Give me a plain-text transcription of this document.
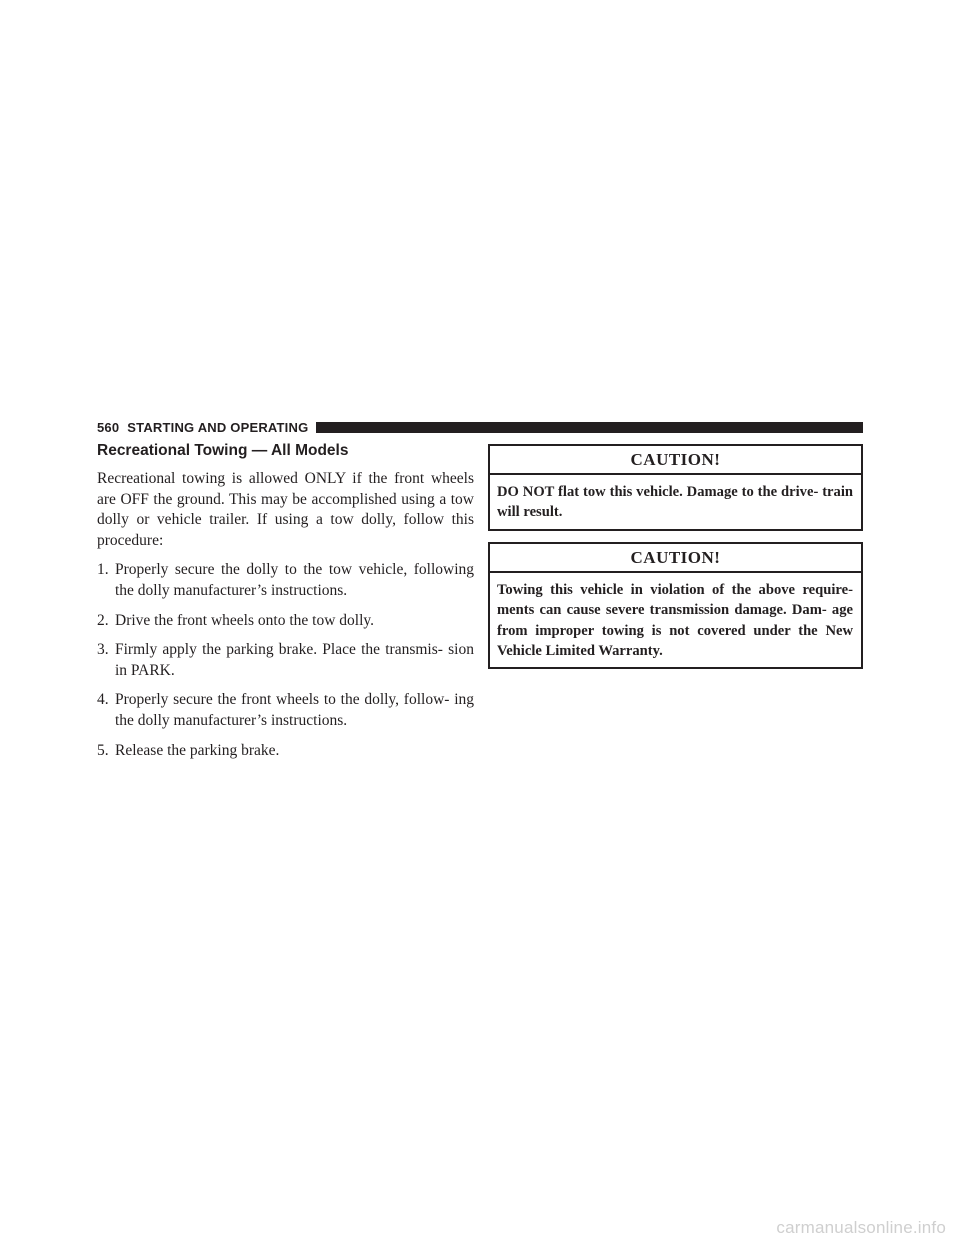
560 STARTING AND OPERATING
Recreational Towing — All Models

Recreational towing is allowed ONLY if the front wheels are OFF the ground. This may be accomplished using a tow dolly or vehicle trailer. If using a tow dolly, follow this procedure:

1. Properly secure the dolly to the tow vehicle, following the dolly manufacturer’s instructions.
2. Drive the front wheels onto the tow dolly.
3. Firmly apply the parking brake. Place the transmis- sion in PARK.
4. Properly secure the front wheels to the dolly, follow- ing the dolly manufacturer’s instructions.
5. Release the parking brake.
CAUTION!
DO NOT flat tow this vehicle. Damage to the drive- train will result.
CAUTION!
Towing this vehicle in violation of the above require- ments can cause severe transmission damage. Dam- age from improper towing is not covered under the New Vehicle Limited Warranty.
carmanualsonline.info
